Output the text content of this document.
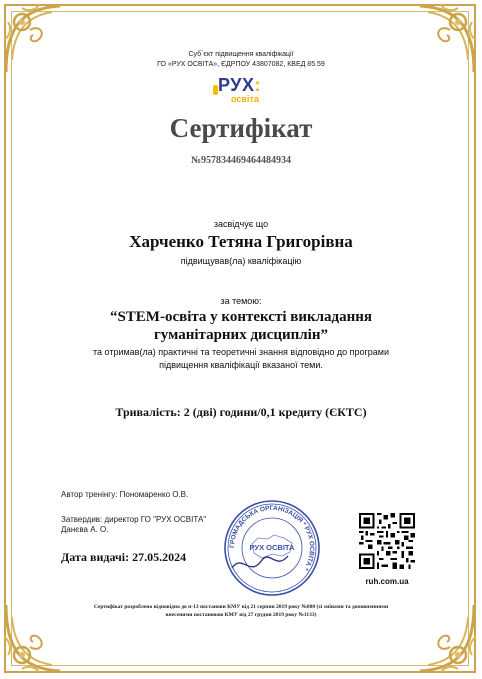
Суб`єкт підвищення кваліфікації
ГО «РУХ ОСВІТА», ЄДРПОУ 43807082, КВЕД 85.59
РУХ:
освіта
Сертифікат
№957834469464484934
засвідчує що
Харченко Тетяна Григорівна
підвищував(ла) кваліфікацію
за темою:
“STEM-освіта у контексті викладання
гуманітарних дисциплін”
та отримав(ла) практичні та теоретичні знання відповідно до програми
підвищення кваліфікації вказаної теми.
Тривалість: 2 (дві) години/0,1 кредиту (ЄКТС)
Автор тренінгу: Пономаренко О.В.
Затвердив: директор ГО "РУХ ОСВІТА"
Данєва А. О.
Дата видачі: 27.05.2024
ГРОМАДСЬКА ОРГАНІЗАЦІЯ * РУХ ОСВІТА *
РУХ ОСВІТА
ruh.com.ua
Сертифікат розроблено відповідно до п-13 постанови КМУ від 21 серпня 2019 року №800 (зі змінами та доповненнями
внесеними постановою КМУ від 27 грудня 2019 року №1133)
